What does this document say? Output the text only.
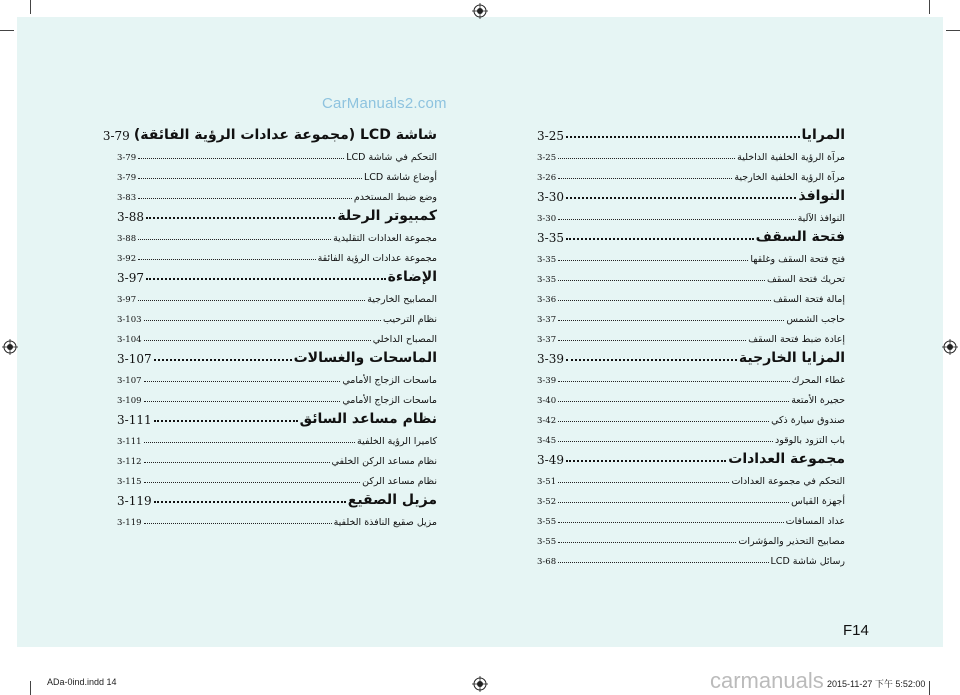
CarManuals2.com
شاشة LCD (مجموعة عدادات الرؤية الفائقة)
3-79
التحكم في شاشة LCD
3-79
أوضاع شاشة LCD
3-79
وضع ضبط المستخدم
3-83
كمبيوتر الرحلة
3-88
مجموعة العدادات التقليدية
3-88
مجموعة عدادات الرؤية الفائقة
3-92
الإضاءة
3-97
المصابيح الخارجية
3-97
نظام الترحيب
3-103
المصباح الداخلي
3-104
الماسحات والغسالات
3-107
ماسحات الزجاج الأمامي
3-107
ماسحات الزجاج الأمامي
3-109
نظام مساعد السائق
3-111
كاميرا الرؤية الخلفية
3-111
نظام مساعد الركن الخلفي
3-112
نظام مساعد الركن
3-115
مزيل الصقيع
3-119
مزيل صقيع النافذة الخلفية
3-119
المرايا
3-25
مرآة الرؤية الخلفية الداخلية
3-25
مرآة الرؤية الخلفية الخارجية
3-26
النوافذ
3-30
النوافذ الآلية
3-30
فتحة السقف
3-35
فتح فتحة السقف وغلقها
3-35
تحريك فتحة السقف
3-35
إمالة فتحة السقف
3-36
حاجب الشمس
3-37
إعادة ضبط فتحة السقف
3-37
المزايا الخارجية
3-39
غطاء المحرك
3-39
حجيرة الأمتعة
3-40
صندوق سيارة ذكي
3-42
باب التزود بالوقود
3-45
مجموعة العدادات
3-49
التحكم في مجموعة العدادات
3-51
أجهزة القياس
3-52
عداد المسافات
3-55
مصابيح التحذير والمؤشرات
3-55
رسائل شاشة LCD
3-68
F14
ADa-0ind.indd 14	2015-11-27 下午 5:52:00
carmanuals
